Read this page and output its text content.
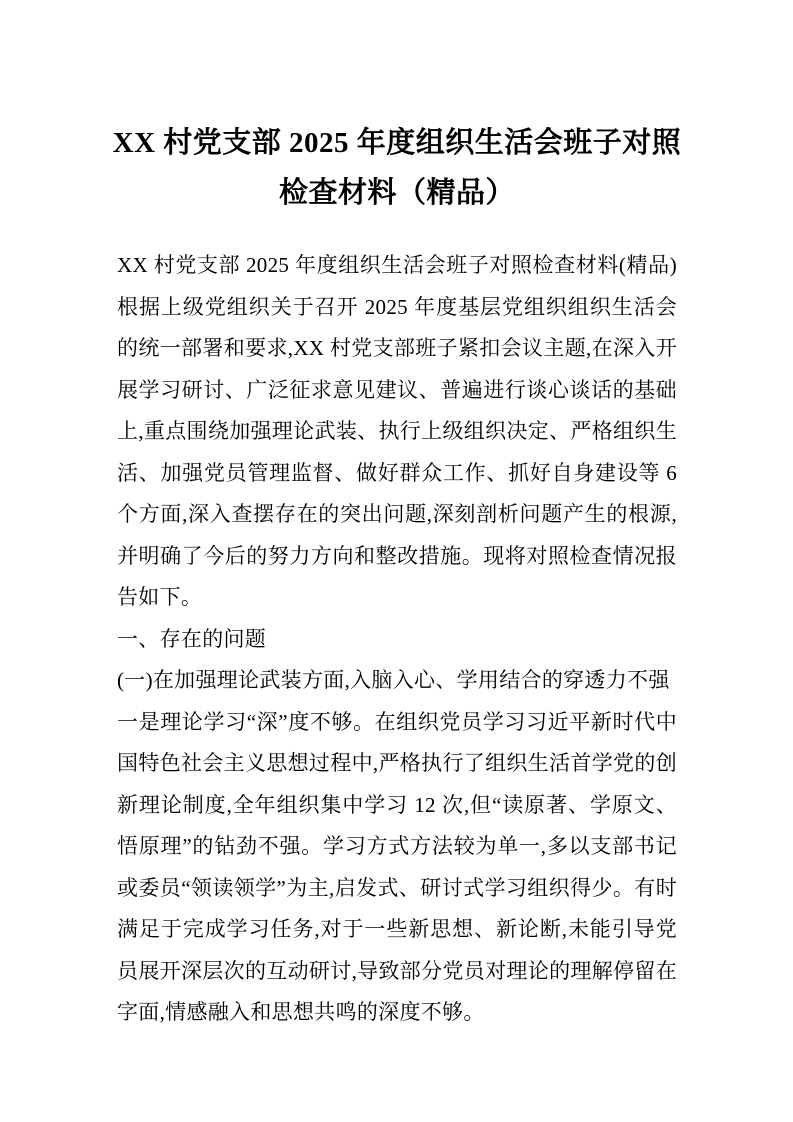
XX 村党支部 2025 年度组织生活会班子对照
检查材料（精品）

XX 村党支部 2025 年度组织生活会班子对照检查材料(精品)根据上级党组织关于召开 2025 年度基层党组织组织生活会的统一部署和要求,XX 村党支部班子紧扣会议主题,在深入开展学习研讨、广泛征求意见建议、普遍进行谈心谈话的基础上,重点围绕加强理论武装、执行上级组织决定、严格组织生活、加强党员管理监督、做好群众工作、抓好自身建设等 6 个方面,深入查摆存在的突出问题,深刻剖析问题产生的根源,并明确了今后的努力方向和整改措施。现将对照检查情况报告如下。

一、存在的问题

(一)在加强理论武装方面,入脑入心、学用结合的穿透力不强

一是理论学习“深”度不够。在组织党员学习习近平新时代中国特色社会主义思想过程中,严格执行了组织生活首学党的创新理论制度,全年组织集中学习 12 次,但“读原著、学原文、悟原理”的钻劲不强。学习方式方法较为单一,多以支部书记或委员“领读领学”为主,启发式、研讨式学习组织得少。有时满足于完成学习任务,对于一些新思想、新论断,未能引导党员展开深层次的互动研讨,导致部分党员对理论的理解停留在字面,情感融入和思想共鸣的深度不够。
